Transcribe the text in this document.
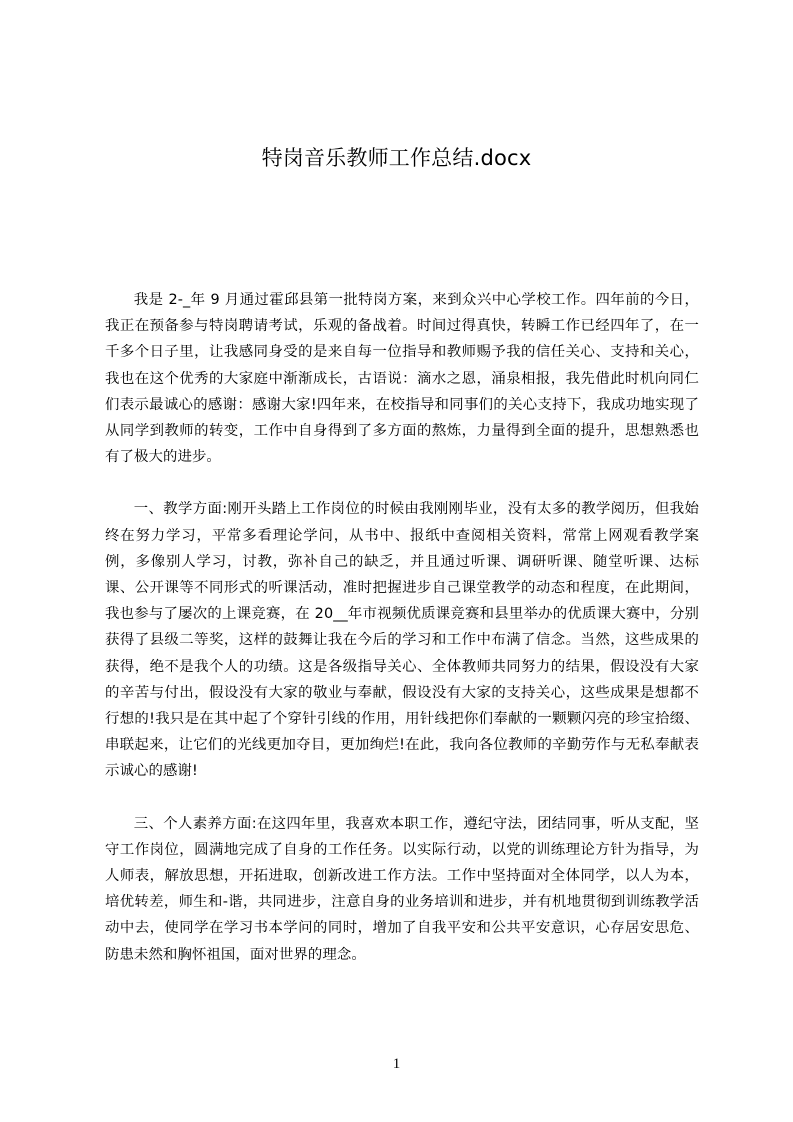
特岗音乐教师工作总结.docx

我是 2-_年 9 月通过霍邱县第一批特岗方案，来到众兴中心学校工作。四年前的今日，我正在预备参与特岗聘请考试，乐观的备战着。时间过得真快，转瞬工作已经四年了，在一千多个日子里，让我感同身受的是来自每一位指导和教师赐予我的信任关心、支持和关心，我也在这个优秀的大家庭中渐渐成长，古语说：滴水之恩，涌泉相报，我先借此时机向同仁们表示最诚心的感谢：感谢大家!四年来，在校指导和同事们的关心支持下，我成功地实现了从同学到教师的转变，工作中自身得到了多方面的熬炼，力量得到全面的提升，思想熟悉也有了极大的进步。

一、教学方面:刚开头踏上工作岗位的时候由我刚刚毕业，没有太多的教学阅历，但我始终在努力学习，平常多看理论学问，从书中、报纸中查阅相关资料，常常上网观看教学案例，多像别人学习，讨教，弥补自己的缺乏，并且通过听课、调研听课、随堂听课、达标课、公开课等不同形式的听课活动，准时把握进步自己课堂教学的动态和程度，在此期间，我也参与了屡次的上课竞赛，在 20__年市视频优质课竞赛和县里举办的优质课大赛中，分别获得了县级二等奖，这样的鼓舞让我在今后的学习和工作中布满了信念。当然，这些成果的获得，绝不是我个人的功绩。这是各级指导关心、全体教师共同努力的结果，假设没有大家的辛苦与付出，假设没有大家的敬业与奉献，假设没有大家的支持关心，这些成果是想都不行想的!我只是在其中起了个穿针引线的作用，用针线把你们奉献的一颗颗闪亮的珍宝拾缀、串联起来，让它们的光线更加夺目，更加绚烂!在此，我向各位教师的辛勤劳作与无私奉献表示诚心的感谢!

三、个人素养方面:在这四年里，我喜欢本职工作，遵纪守法，团结同事，听从支配，坚守工作岗位，圆满地完成了自身的工作任务。以实际行动，以党的训练理论方针为指导，为人师表，解放思想，开拓进取，创新改进工作方法。工作中坚持面对全体同学，以人为本，培优转差，师生和-谐，共同进步，注意自身的业务培训和进步，并有机地贯彻到训练教学活动中去，使同学在学习书本学问的同时，增加了自我平安和公共平安意识，心存居安思危、防患未然和胸怀祖国，面对世界的理念。

1
